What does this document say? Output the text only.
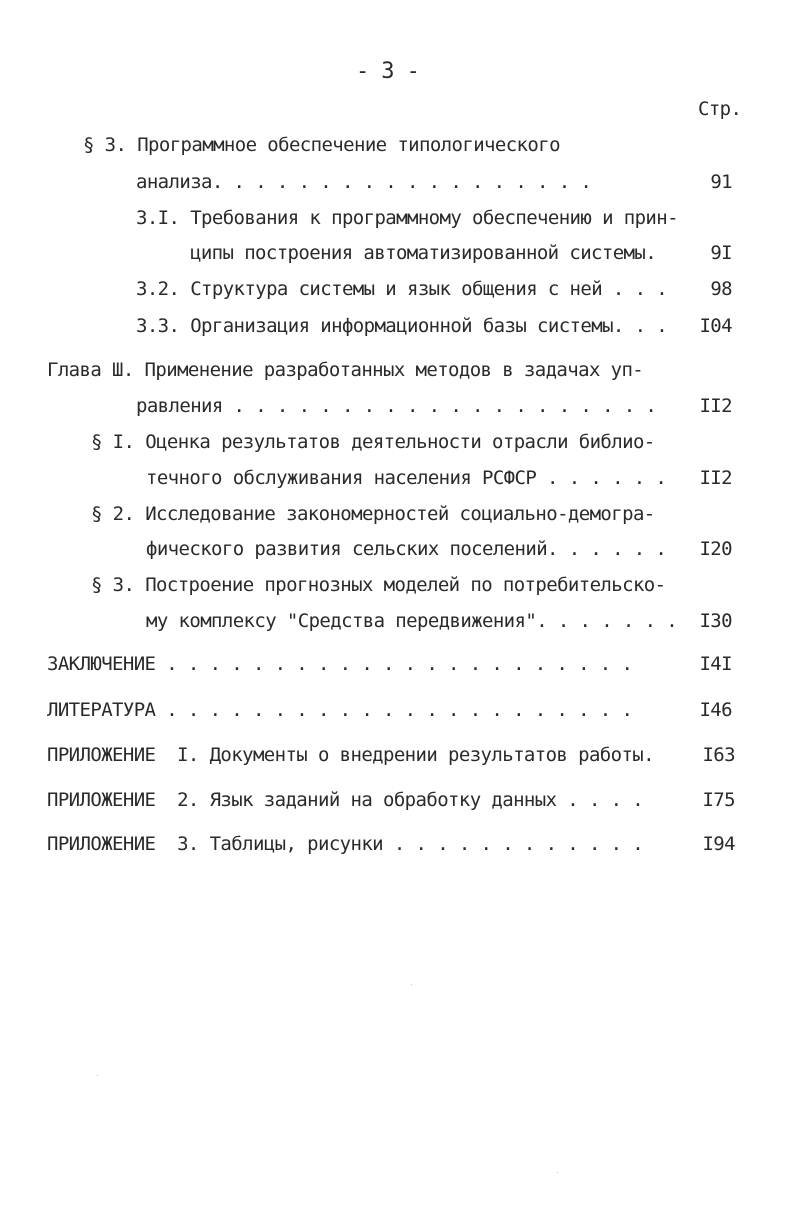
- 3 -
Стр.
§ 3. Программное обеспечение типологического
анализа. . . . . . . . . . . . . . . . . .	91
3.I. Требования к программному обеспечению и прин-
ципы построения автоматизированной системы.	9I
3.2. Структура системы и язык общения с ней . . .	98
3.3. Организация информационной базы системы. . .	I04
Глава Ш. Применение разработанных методов в задачах уп-
равления . . . . . . . . . . . . . . . . . . . .	II2
§ I. Оценка результатов деятельности отрасли библио-
течного обслуживания населения РСФСР . . . . . .	II2
§ 2. Исследование закономерностей социально-демогра-
фического развития сельских поселений. . . . . .	I20
§ 3. Построение прогнозных моделей по потребительско-
му комплексу "Средства передвижения". . . . . . .	I30
ЗАКЛЮЧЕНИЕ . . . . . . . . . . . . . . . . . . . . . .	I4I
ЛИТЕРАТУРА . . . . . . . . . . . . . . . . . . . . . .	I46
ПРИЛОЖЕНИЕ  I. Документы о внедрении результатов работы.	I63
ПРИЛОЖЕНИЕ  2. Язык заданий на обработку данных . . . .	I75
ПРИЛОЖЕНИЕ  3. Таблицы, рисунки . . . . . . . . . . . .	I94
